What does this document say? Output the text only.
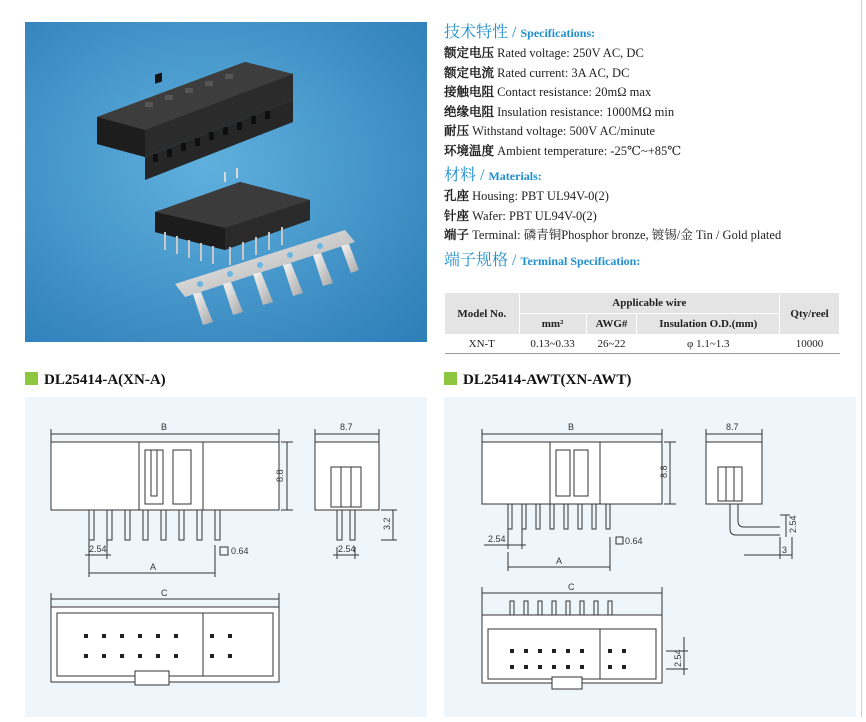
技术特性 / Specifications:
额定电压 Rated voltage: 250V AC, DC
额定电流 Rated current: 3A AC, DC
接触电阻 Contact resistance: 20mΩ max
绝缘电阻 Insulation resistance: 1000MΩ min
耐压 Withstand voltage: 500V AC/minute
环境温度 Ambient temperature: -25℃~+85℃
材料 / Materials:
孔座 Housing: PBT UL94V-0(2)
针座 Wafer: PBT UL94V-0(2)
端子 Terminal: 磷青铜Phosphor bronze, 镀锡/金 Tin / Gold plated
端子规格 / Terminal Specification:
Model No.	Applicable wire			Qty/reel
	mm²	AWG#	Insulation O.D.(mm)	
XN-T	0.13~0.33	26~22	φ 1.1~1.3	10000
DL25414-A(XN-A)	DL25414-AWT(XN-AWT)
B	8.7
8.8
2.54	0.64
A
2.54
3.2
C
B	8.7
8.8
2.54	0.64
A
2.54
3
C
2.54
